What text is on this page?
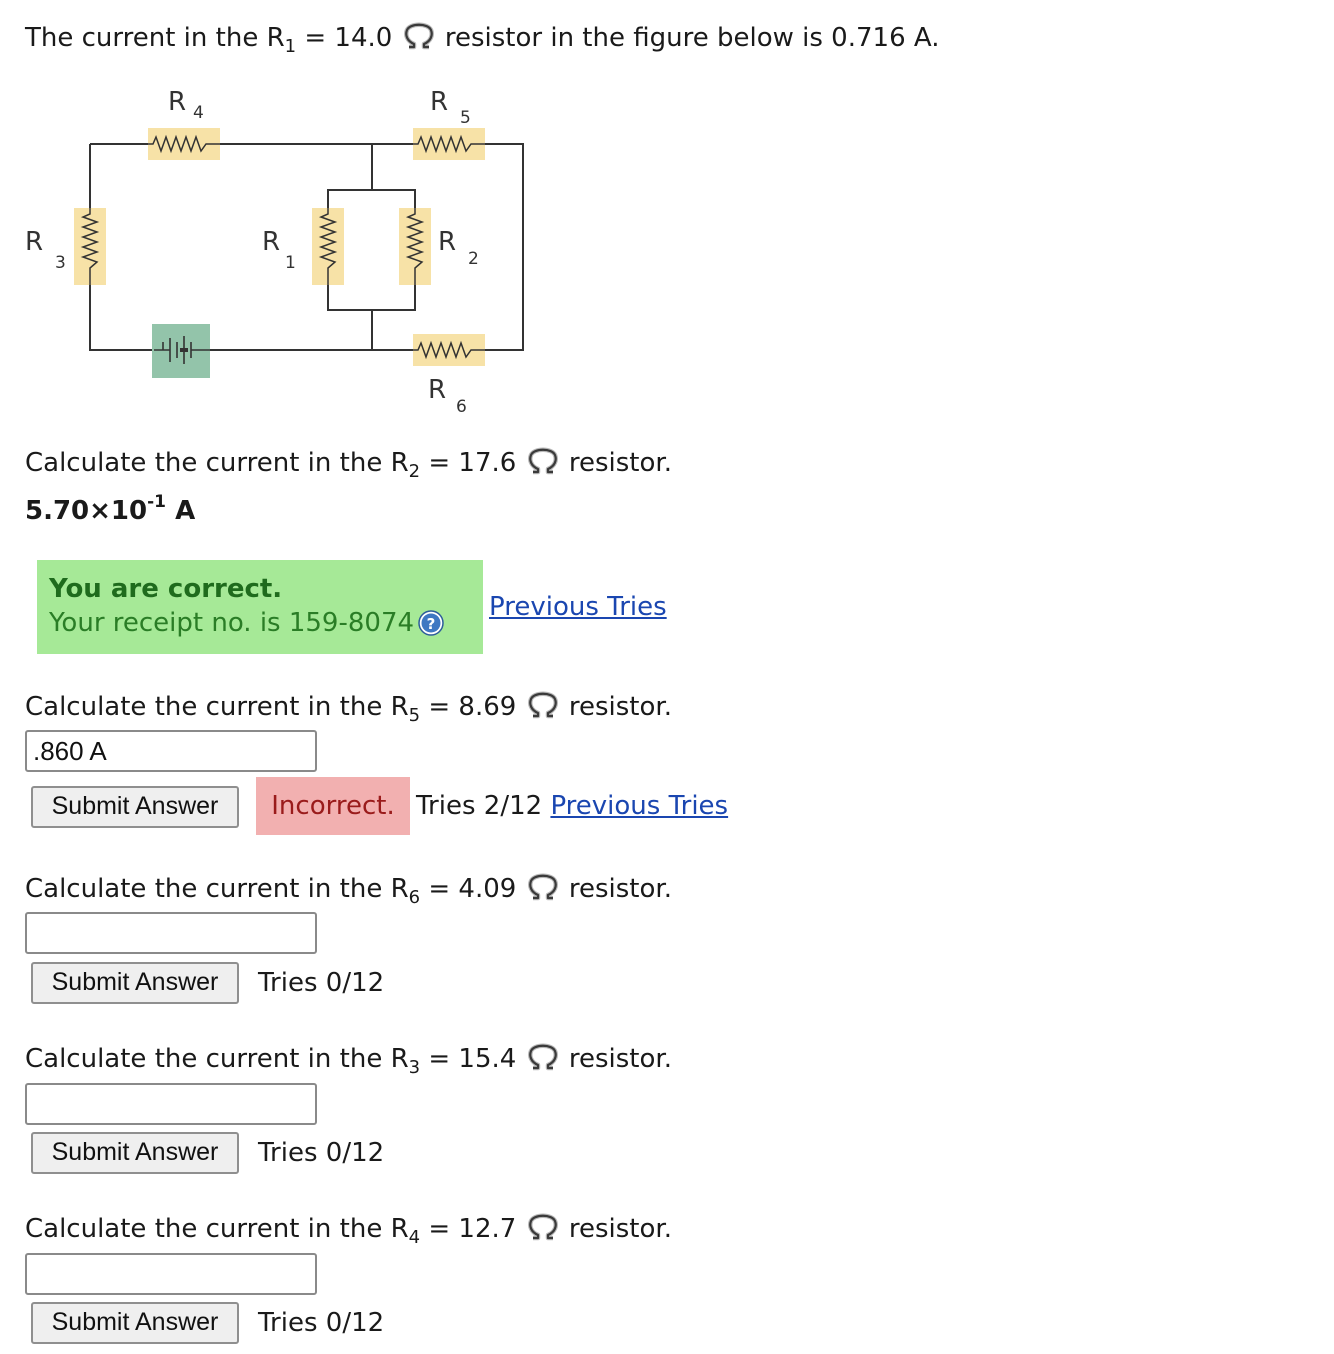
The current in the $R_1 = 14.0$  resistor in the figure below is 0.716 A.
R 4	R
5
R
3
R
1
R
2
R
6
Calculate the current in the $R_2 = 17.6$  resistor.
$5.70\times 10^{-1}$ A
You are correct.
Your receipt no. is 159-8074 ?
Previous Tries
Calculate the current in the $R_5 = 8.69$  resistor.
.860 A
Submit Answer	Incorrect. Tries 2/12 Previous Tries
Calculate the current in the $R_6 = 4.09$  resistor.
Submit Answer	Tries 0/12
Calculate the current in the $R_3 = 15.4$  resistor.
Submit Answer	Tries 0/12
Calculate the current in the $R_4 = 12.7$  resistor.
Submit Answer	Tries 0/12
